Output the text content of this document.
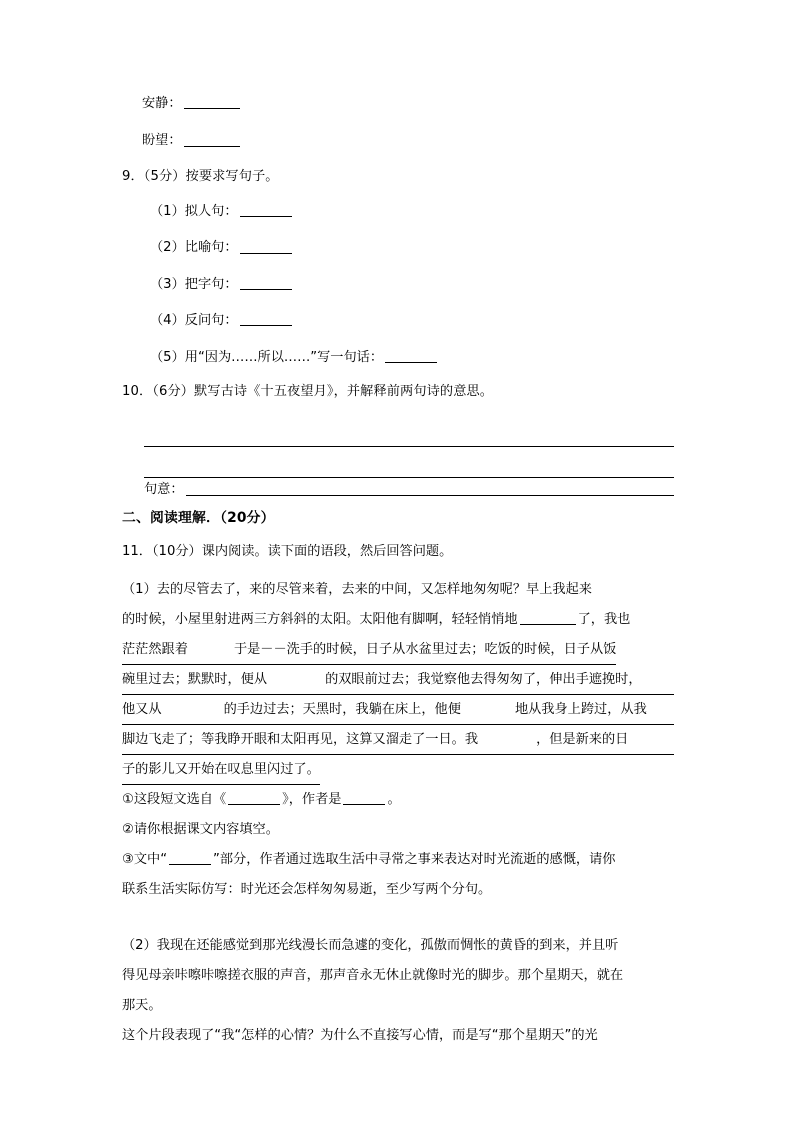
安静：
盼望：
9．（5分）按要求写句子。
（1）拟人句：
（2）比喻句：
（3）把字句：
（4）反问句：
（5）用“因为……所以……”写一句话：
10．（6分）默写古诗《十五夜望月》，并解释前两句诗的意思。
句意：
二、阅读理解．（20分）
11．（10分）课内阅读。读下面的语段，然后回答问题。
（1）去的尽管去了，来的尽管来着，去来的中间，又怎样地匆匆呢？早上我起来
的时候，小屋里射进两三方斜斜的太阳。太阳他有脚啊，轻轻悄悄地	了，我也
茫茫然跟着	于是－－洗手的时候，日子从水盆里过去；吃饭的时候，日子从饭
碗里过去；默默时，便从	的双眼前过去；我觉察他去得匆匆了，伸出手遮挽时，
他又从	的手边过去；天黑时，我躺在床上，他便	地从我身上跨过，从我
脚边飞走了；等我睁开眼和太阳再见，这算又溜走了一日。我	，但是新来的日
子的影儿又开始在叹息里闪过了。
①这段短文选自《	》，作者是	。
②请你根据课文内容填空。
③文中“	”部分，作者通过选取生活中寻常之事来表达对时光流逝的感慨，请你
联系生活实际仿写：时光还会怎样匆匆易逝，至少写两个分句。
（2）我现在还能感觉到那光线漫长而急遽的变化，孤傲而惆怅的黄昏的到来，并且听
得见母亲咔嚓咔嚓搓衣服的声音，那声音永无休止就像时光的脚步。那个星期天，就在
那天。
这个片段表现了“我“怎样的心情？为什么不直接写心情，而是写“那个星期天”的光
